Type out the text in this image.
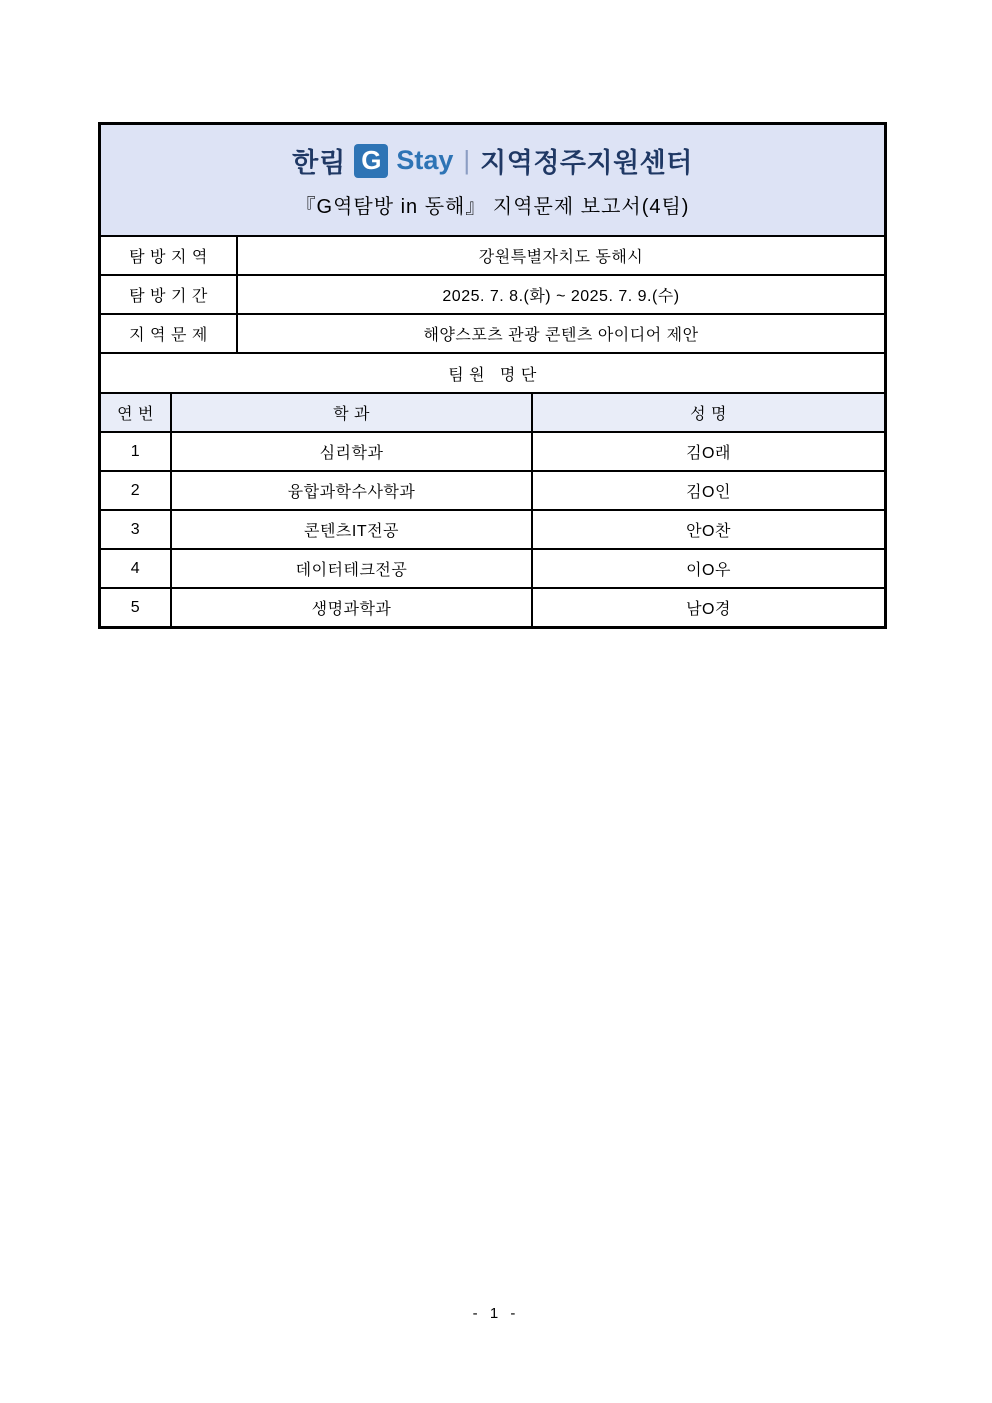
한림 G Stay | 지역정주지원센터
『G역탐방 in 동해』 지역문제 보고서(4팀)
탐 방 지 역	강원특별자치도 동해시
탐 방 기 간	2025. 7. 8.(화) ~ 2025. 7. 9.(수)
지 역 문 제	해양스포츠 관광 콘텐츠 아이디어 제안
팀 원   명 단
연 번	학 과	성 명
1	심리학과	김O래
2	융합과학수사학과	김O인
3	콘텐츠IT전공	안O찬
4	데이터테크전공	이O우
5	생명과학과	남O경
- 1 -
